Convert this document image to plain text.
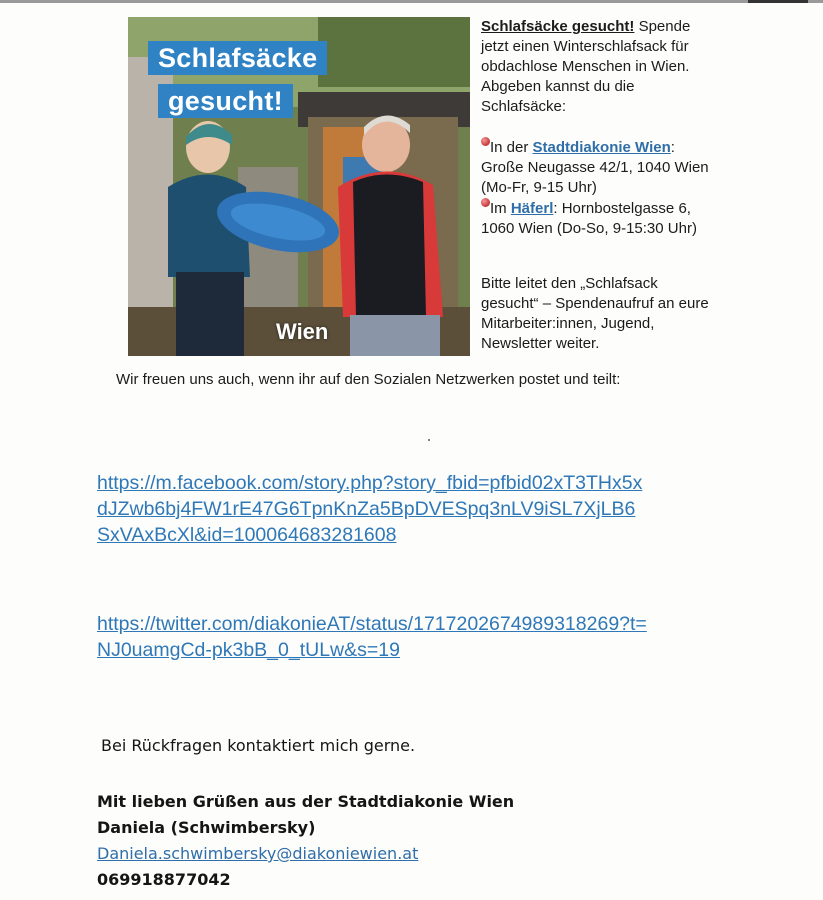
Schlafsäcke
gesucht!
Wien

Schlafsäcke gesucht! Spende

jetzt einen Winterschlafsack für

obdachlose Menschen in Wien.

Abgeben kannst du die

Schlafsäcke:

In der Stadtdiakonie Wien:

Große Neugasse 42/1, 1040 Wien

(Mo-Fr, 9-15 Uhr)

Im Häferl: Hornbostelgasse 6,

1060 Wien (Do-So, 9-15:30 Uhr)

Bitte leitet den „Schlafsack

gesucht“ – Spendenaufruf an eure

Mitarbeiter:innen, Jugend,

Newsletter weiter.

Wir freuen uns auch, wenn ihr auf den Sozialen Netzwerken postet und teilt:

https://m.facebook.com/story.php?story_fbid=pfbid02xT3THx5x
dJZwb6bj4FW1rE47G6TpnKnZa5BpDVESpq3nLV9iSL7XjLB6
SxVAxBcXl&id=100064683281608

https://twitter.com/diakonieAT/status/1717202674989318269?t=
NJ0uamgCd-pk3bB_0_tULw&s=19

Bei Rückfragen kontaktiert mich gerne.
Mit lieben Grüßen aus der Stadtdiakonie Wien
Daniela (Schwimbersky)
Daniela.schwimbersky@diakoniewien.at
069918877042
